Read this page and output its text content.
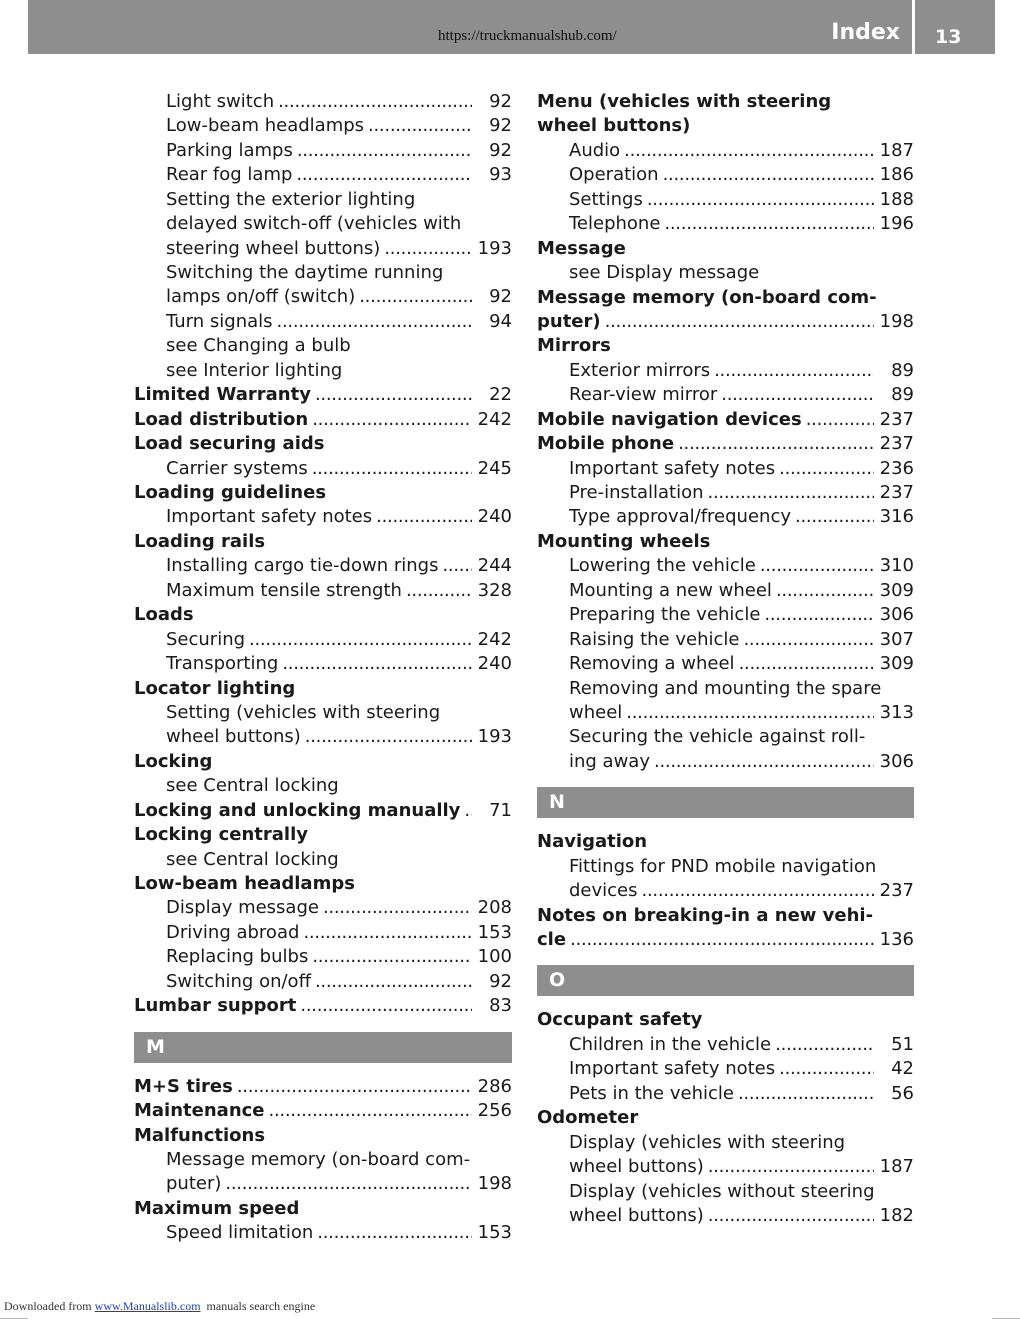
https://truckmanualshub.com/	Index 13
Light switch . . .	92
Low-beam headlamps . . .	92
Parking lamps . . .	92
Rear fog lamp . . .	93
Setting the exterior lighting
delayed switch-off (vehicles with
steering wheel buttons) . . .	193
Switching the daytime running
lamps on/off (switch) . . .	92
Turn signals . . .	94
see Changing a bulb
see Interior lighting
Limited Warranty . . .	22
Load distribution . . .	242
Load securing aids
Carrier systems . . .	245
Loading guidelines
Important safety notes . . .	240
Loading rails
Installing cargo tie-down rings . . . 244
Maximum tensile strength . . .	328
Loads
Securing . . .	242
Transporting . . .	240
Locator lighting
Setting (vehicles with steering
wheel buttons) . . .	193
Locking
see Central locking
Locking and unlocking manually . . .	71
Locking centrally
see Central locking
Low-beam headlamps
Display message . . .	208
Driving abroad . . .	153
Replacing bulbs . . .	100
Switching on/off . . .	92
Lumbar support . . .	83
M
M+S tires . . .	286
Maintenance . . .	256
Malfunctions
Message memory (on-board com-
puter) . . .	198
Maximum speed
Speed limitation . . .	153
Menu (vehicles with steering
wheel buttons)
Audio . . .	187
Operation . . .	186
Settings . . .	188
Telephone . . .	196
Message
see Display message
Message memory (on-board com-
puter) . . .	198
Mirrors
Exterior mirrors . . .	89
Rear-view mirror . . .	89
Mobile navigation devices . . .	237
Mobile phone . . .	237
Important safety notes . . .	236
Pre-installation . . .	237
Type approval/frequency . . .	316
Mounting wheels
Lowering the vehicle . . .	310
Mounting a new wheel . . .	309
Preparing the vehicle . . .	306
Raising the vehicle . . .	307
Removing a wheel . . .	309
Removing and mounting the spare
wheel . . .	313
Securing the vehicle against roll-
ing away . . .	306
N
Navigation
Fittings for PND mobile navigation
devices . . .	237
Notes on breaking-in a new vehi-
cle . . .	136
O
Occupant safety
Children in the vehicle . . .	51
Important safety notes . . .	42
Pets in the vehicle . . .	56
Odometer
Display (vehicles with steering
wheel buttons) . . .	187
Display (vehicles without steering
wheel buttons) . . .	182
Downloaded from www.Manualslib.com manuals search engine
